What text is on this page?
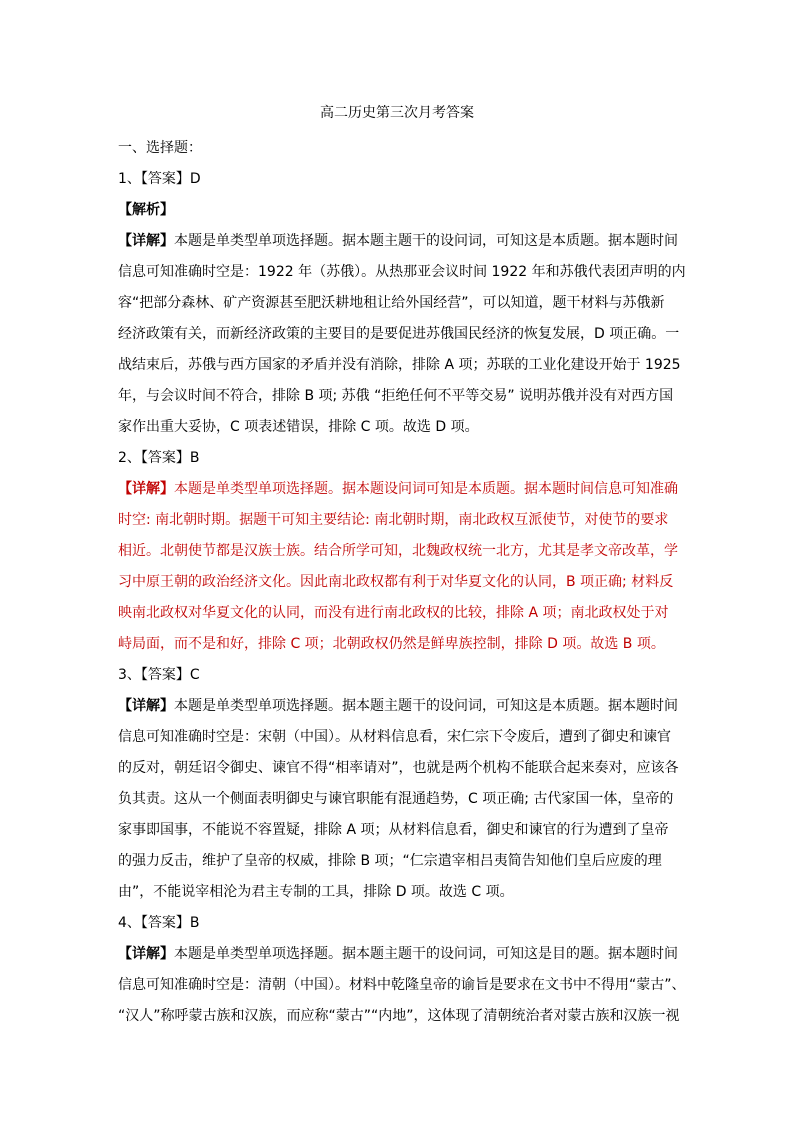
高二历史第三次月考答案
一、选择题：
1、【答案】D
【解析】
【详解】本题是单类型单项选择题。据本题主题干的设问词，可知这是本质题。据本题时间
信息可知准确时空是：1922 年（苏俄）。从热那亚会议时间 1922 年和苏俄代表团声明的内
容“把部分森林、矿产资源甚至肥沃耕地租让给外国经营”，可以知道，题干材料与苏俄新
经济政策有关，而新经济政策的主要目的是要促进苏俄国民经济的恢复发展，D 项正确。一
战结束后，苏俄与西方国家的矛盾并没有消除，排除 A 项；苏联的工业化建设开始于 1925
年，与会议时间不符合，排除 B 项; 苏俄 “拒绝任何不平等交易” 说明苏俄并没有对西方国
家作出重大妥协，C 项表述错误，排除 C 项。故选 D 项。
2、【答案】B
【详解】本题是单类型单项选择题。据本题设问词可知是本质题。据本题时间信息可知准确
时空: 南北朝时期。据题干可知主要结论: 南北朝时期，南北政权互派使节，对使节的要求
相近。北朝使节都是汉族士族。结合所学可知，北魏政权统一北方，尤其是孝文帝改革，学
习中原王朝的政治经济文化。因此南北政权都有利于对华夏文化的认同，B 项正确; 材料反
映南北政权对华夏文化的认同，而没有进行南北政权的比较，排除 A 项；南北政权处于对
峙局面，而不是和好，排除 C 项；北朝政权仍然是鲜卑族控制，排除 D 项。故选 B 项。
3、【答案】C
【详解】本题是单类型单项选择题。据本题主题干的设问词，可知这是本质题。据本题时间
信息可知准确时空是：宋朝（中国）。从材料信息看，宋仁宗下令废后，遭到了御史和谏官
的反对，朝廷诏令御史、谏官不得“相率请对”，也就是两个机构不能联合起来奏对，应该各
负其责。这从一个侧面表明御史与谏官职能有混通趋势，C 项正确; 古代家国一体，皇帝的
家事即国事，不能说不容置疑，排除 A 项；从材料信息看，御史和谏官的行为遭到了皇帝
的强力反击，维护了皇帝的权威，排除 B 项；“仁宗遣宰相吕夷简告知他们皇后应废的理
由”，不能说宰相沦为君主专制的工具，排除 D 项。故选 C 项。
4、【答案】B
【详解】本题是单类型单项选择题。据本题主题干的设问词，可知这是目的题。据本题时间
信息可知准确时空是：清朝（中国）。材料中乾隆皇帝的谕旨是要求在文书中不得用“蒙古”、
“汉人”称呼蒙古族和汉族，而应称“蒙古”“内地”，这体现了清朝统治者对蒙古族和汉族一视
